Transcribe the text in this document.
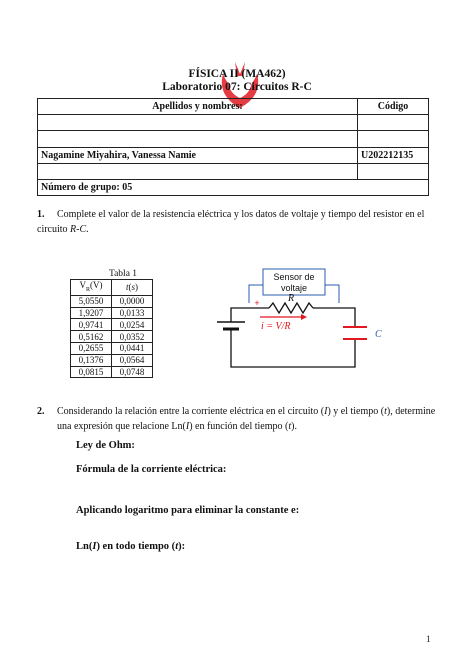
FÍSICA II (MA462)
Laboratorio 07: Circuitos R-C
Apellidos y nombres:	Código

Nagamine Miyahira, Vanessa Namie	U202212135

Número de grupo: 05	
1. Complete el valor de la resistencia eléctrica y los datos de voltaje y tiempo del resistor en el circuito R-C.
Tabla 1
$V_R(V)$	t(s)
5,0550	0,0000
1,9207	0,0133
0,9741	0,0254
0,5162	0,0352
0,2655	0,0441
0,1376	0,0564
0,0815	0,0748
Sensor de
voltaje
R
+
i = V/R
C
2. Considerando la relación entre la corriente eléctrica en el circuito (I) y el tiempo (t), determine
una expresión que relacione Ln(I) en función del tiempo (t).
Ley de Ohm:
Fórmula de la corriente eléctrica:
Aplicando logaritmo para eliminar la constante e:
Ln(I) en todo tiempo (t):
1
